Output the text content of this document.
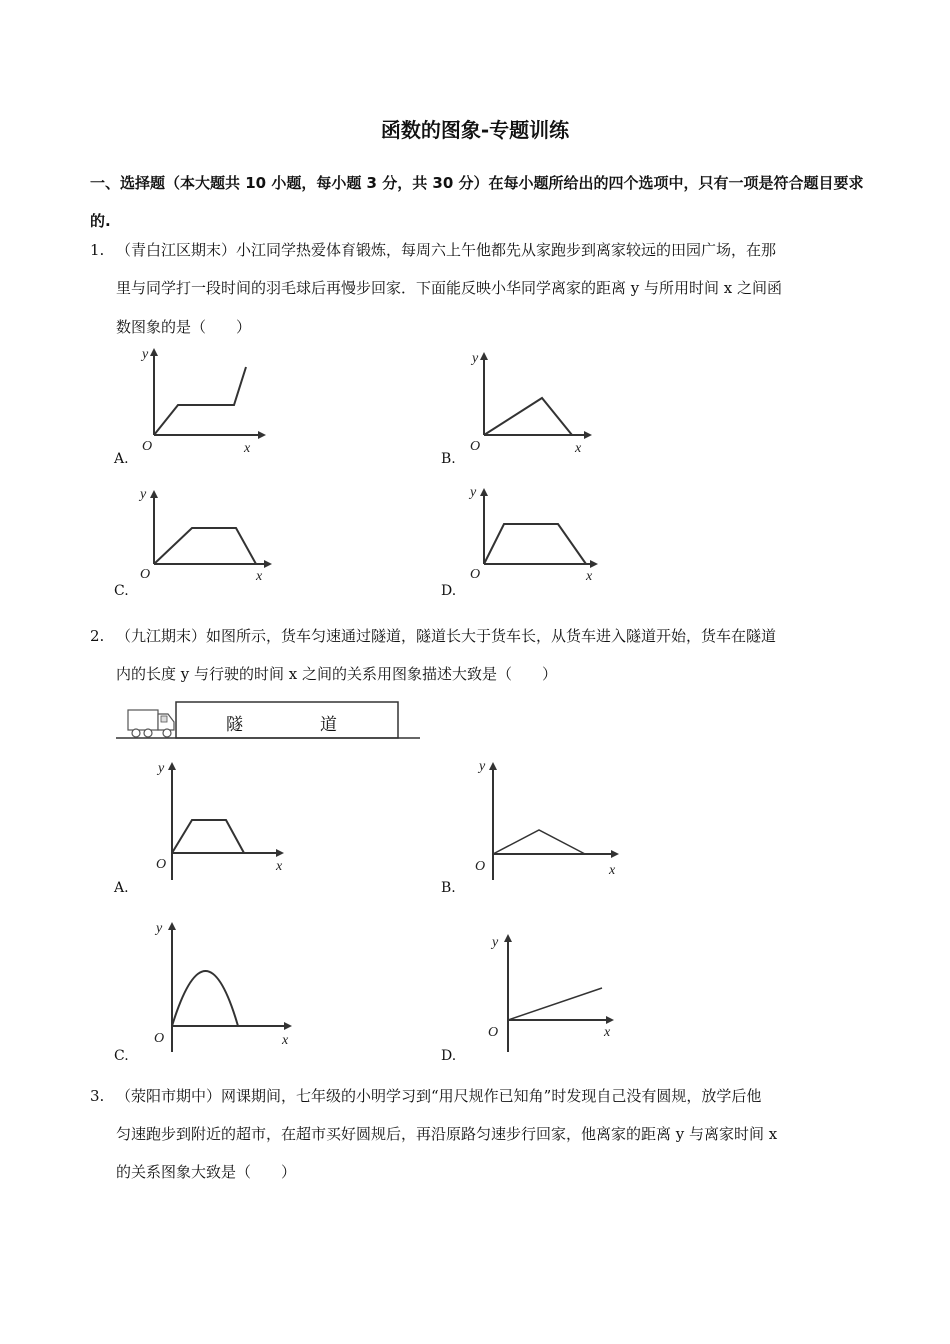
函数的图象-专题训练
一、选择题（本大题共 10 小题，每小题 3 分，共 30 分）在每小题所给出的四个选项中，只有一项是符合题目要求的.
1. （青白江区期末）小江同学热爱体育锻炼，每周六上午他都先从家跑步到离家较远的田园广场，在那
里与同学打一段时间的羽毛球后再慢步回家．下面能反映小华同学离家的距离 y 与所用时间 x 之间函
数图象的是（　　）
O	x
y
A.
O	x
y
B.
O	x
y
C.
O	x
y
D.
2. （九江期末）如图所示，货车匀速通过隧道，隧道长大于货车长，从货车进入隧道开始，货车在隧道
内的长度 y 与行驶的时间 x 之间的关系用图象描述大致是（　　）
隧	道
O	x
y
A.
O	x
y
B.
O	x
y
C.
O	x
y
D.
3. （荥阳市期中）网课期间，七年级的小明学习到“用尺规作已知角”时发现自己没有圆规，放学后他
匀速跑步到附近的超市，在超市买好圆规后，再沿原路匀速步行回家，他离家的距离 y 与离家时间 x
的关系图象大致是（　　）
